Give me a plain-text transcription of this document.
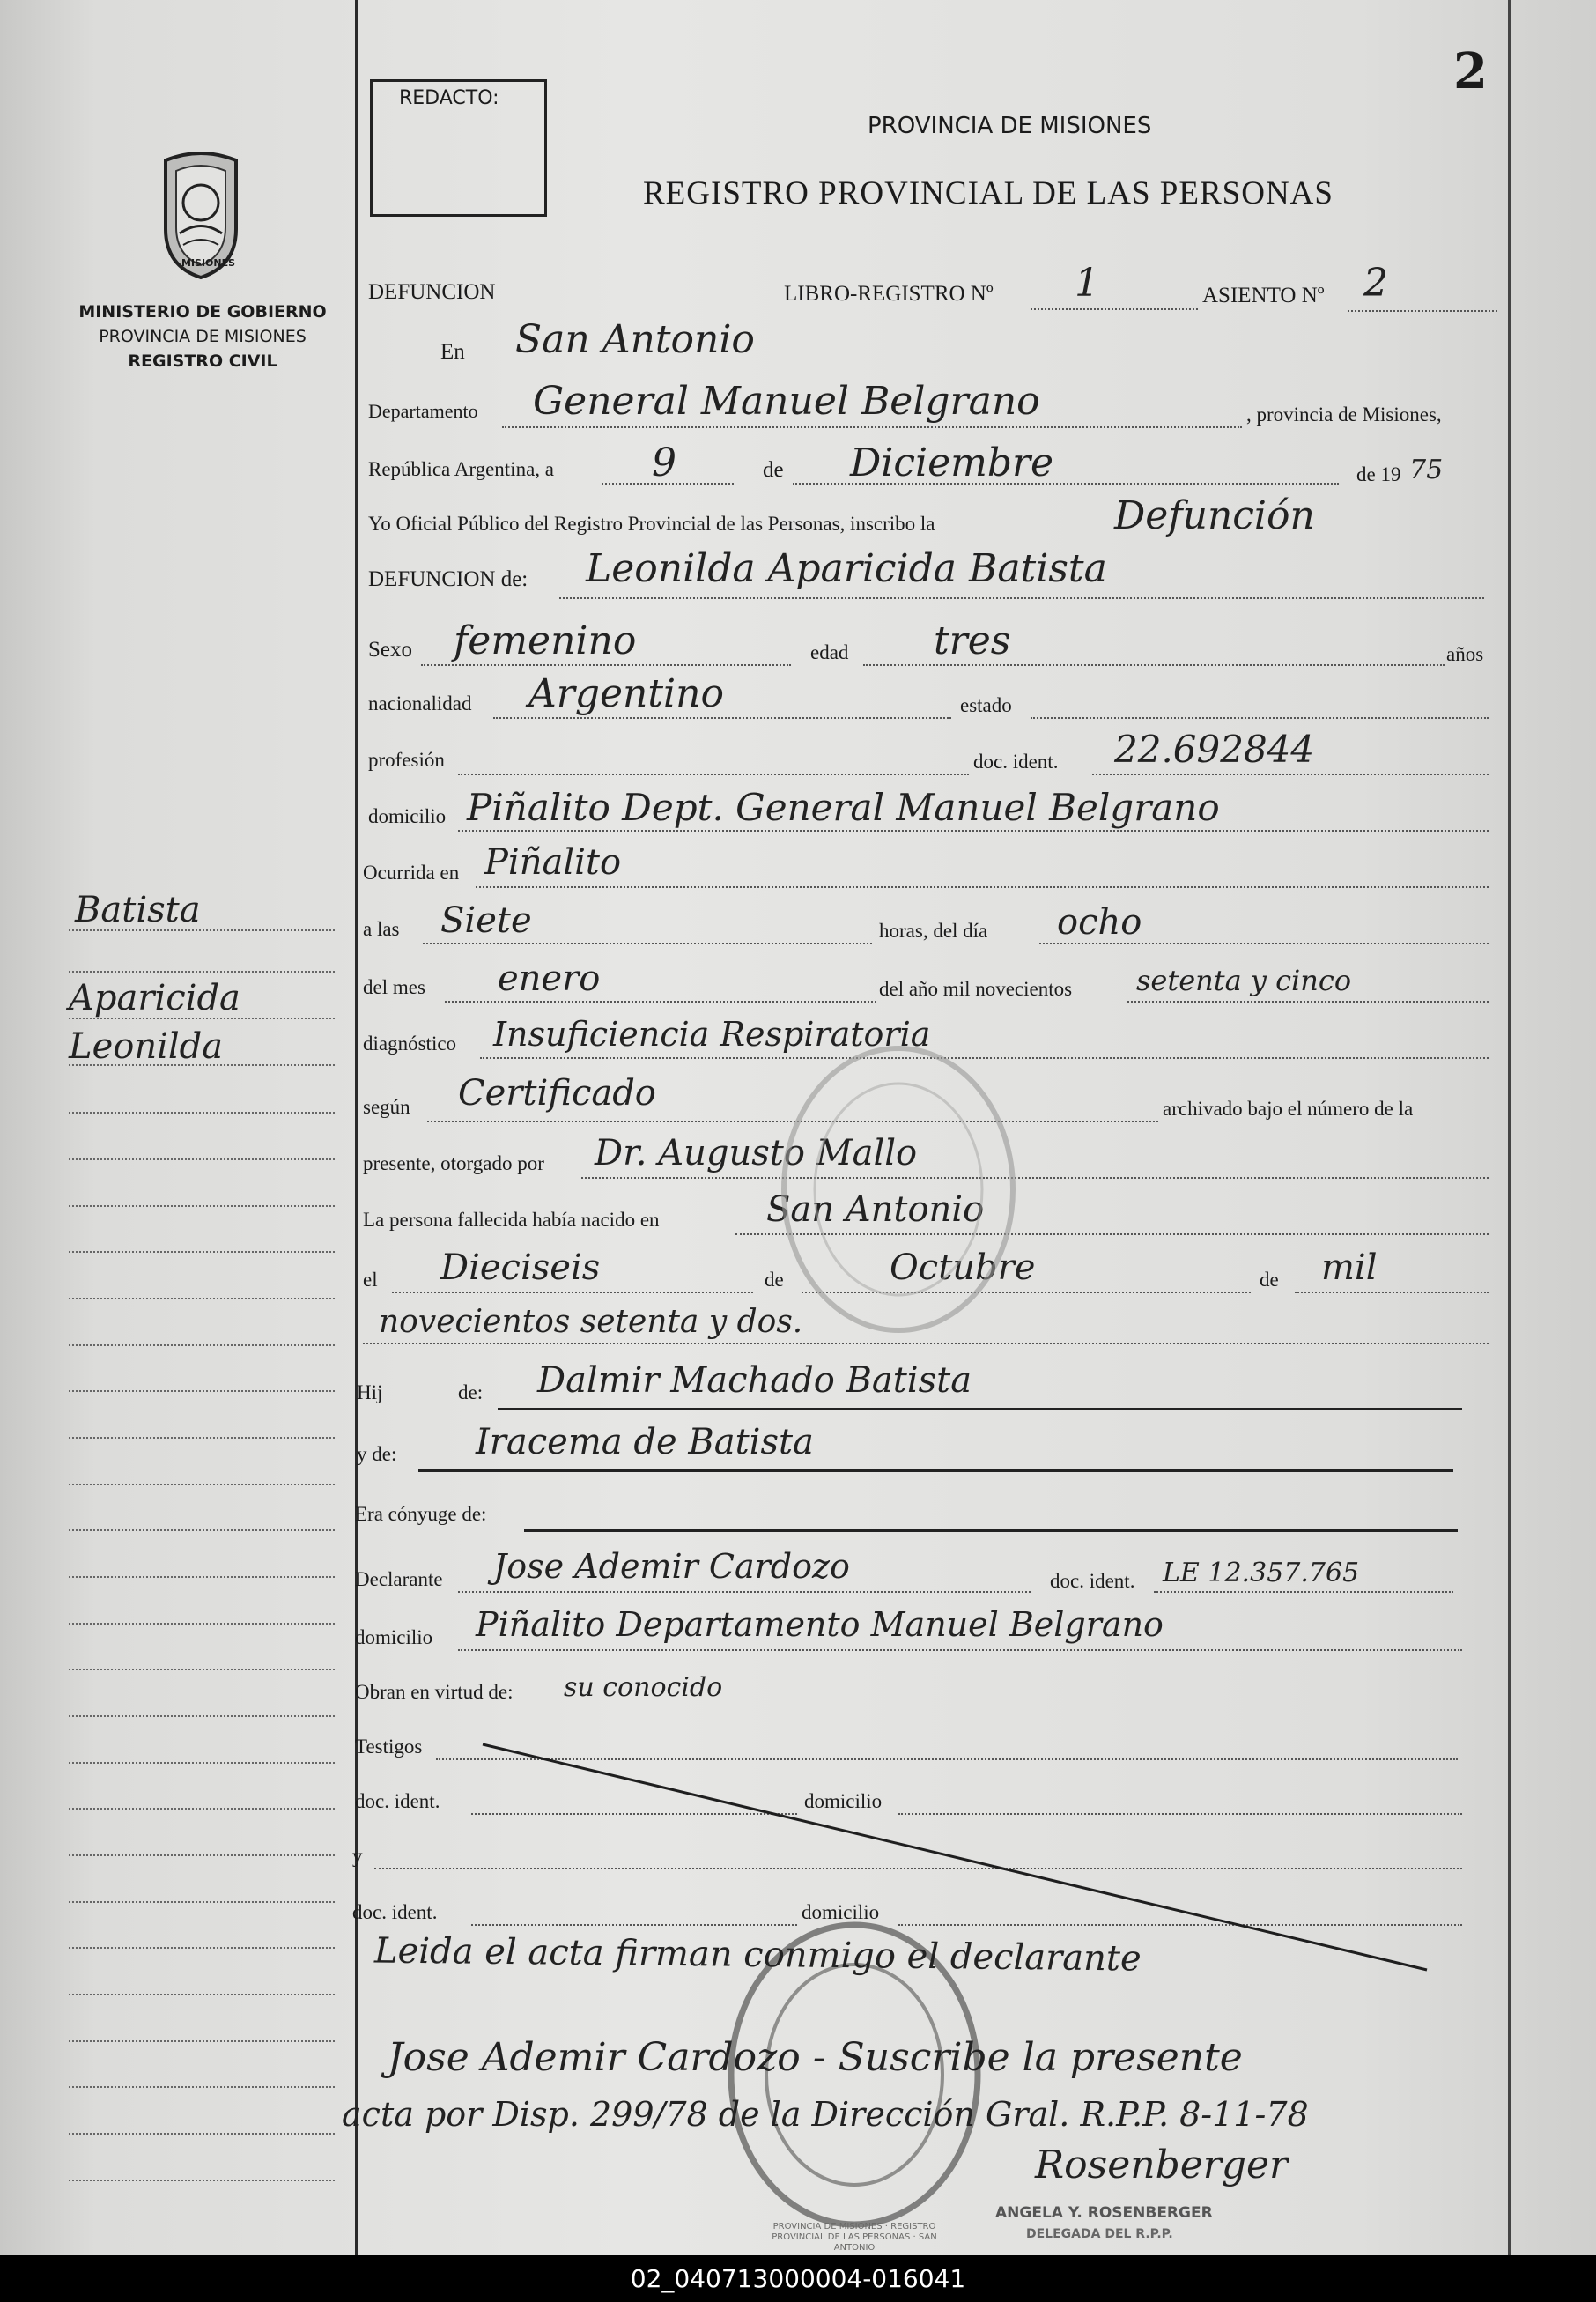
2
REDACTO:
PROVINCIA DE MISIONES
REGISTRO PROVINCIAL DE LAS PERSONAS
MISIONES
MINISTERIO DE GOBIERNO
PROVINCIA DE MISIONES
REGISTRO CIVIL
Batista
Aparicida
Leonilda
DEFUNCION	LIBRO-REGISTRO Nº 1	ASIENTO Nº 2
En San Antonio
Departamento General Manuel Belgrano	, provincia de Misiones,
República Argentina, a	9	de Diciembre	de 19 75
Yo Oficial Público del Registro Provincial de las Personas, inscribo la	Defunción
DEFUNCION de: Leonilda Aparicida Batista
Sexo femenino	edad tres	años
nacionalidad Argentino	estado
profesión	doc. ident. 22.692844
domicilio Piñalito Dept. General Manuel Belgrano
Ocurrida en Piñalito
a las Siete	horas, del día ocho
del mes enero	del año mil novecientos setenta y cinco
diagnóstico Insuficiencia Respiratoria
según Certificado	archivado bajo el número de la
presente, otorgado por Dr. Augusto Mallo
La persona fallecida había nacido en	San Antonio
el Dieciseis	de	Octubre	de mil
novecientos setenta y dos.
Hij	de: Dalmir Machado Batista
y de: Iracema de Batista
Era cónyuge de:
Declarante Jose Ademir Cardozo	doc. ident. LE 12.357.765
domicilio Piñalito Departamento Manuel Belgrano
Obran en virtud de: su conocido
Testigos
doc. ident.	domicilio
y
doc. ident.	domicilio
PROVINCIA DE MISIONES · REGISTRO PROVINCIAL DE LAS PERSONAS · SAN ANTONIO
Leida el acta firman conmigo el declarante
Jose Ademir Cardozo - Suscribe la presente
acta por Disp. 299/78 de la Dirección Gral. R.P.P. 8-11-78
Rosenberger
ANGELA Y. ROSENBERGER
DELEGADA DEL R.P.P.
02_040713000004-016041
